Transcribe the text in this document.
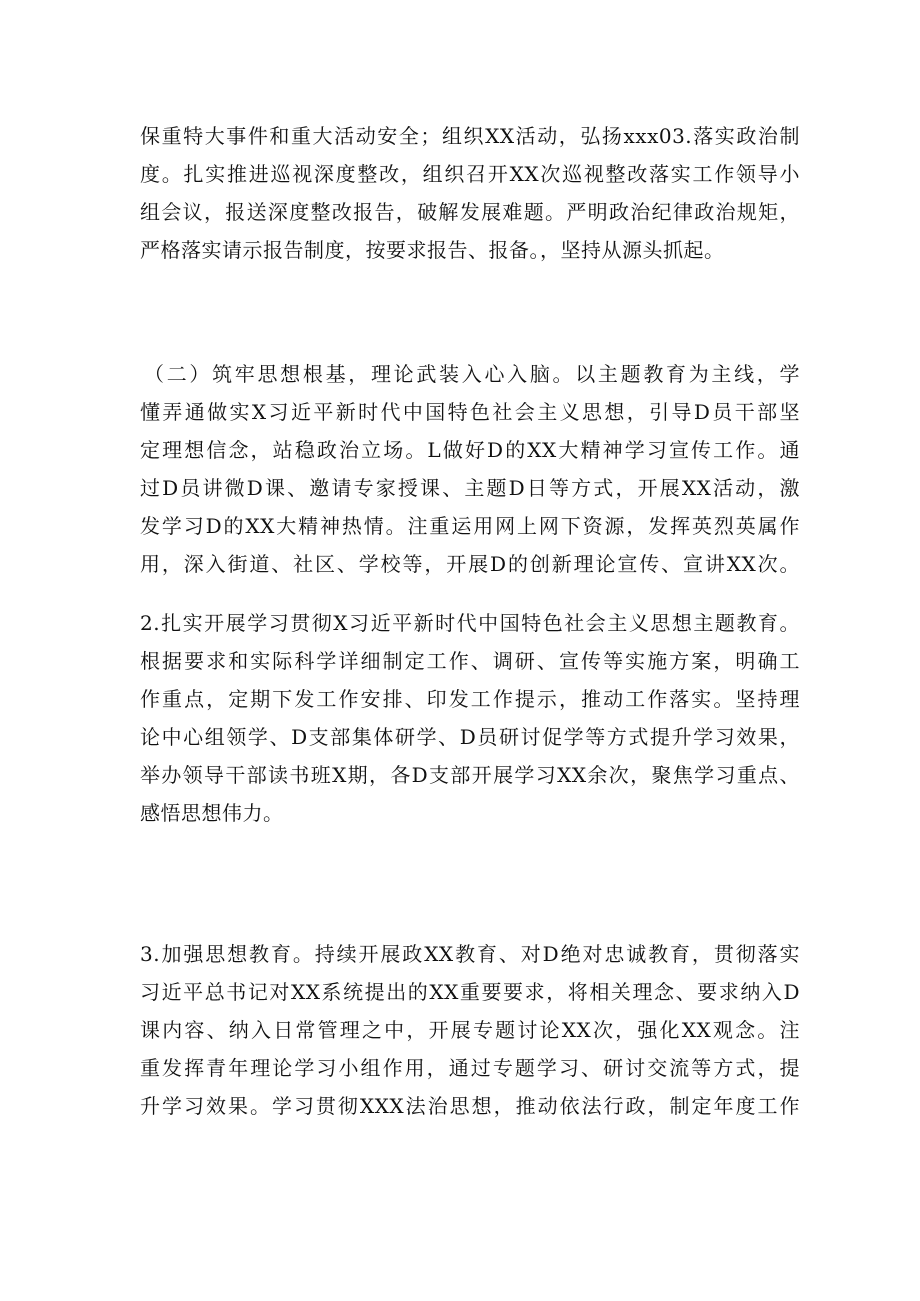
保重特大事件和重大活动安全；组织XX活动，弘扬xxx03.落实政治制
度。扎实推进巡视深度整改，组织召开XX次巡视整改落实工作领导小
组会议，报送深度整改报告，破解发展难题。严明政治纪律政治规矩，
严格落实请示报告制度，按要求报告、报备。，坚持从源头抓起。
（二）筑牢思想根基，理论武装入心入脑。以主题教育为主线，学
懂弄通做实X习近平新时代中国特色社会主义思想，引导D员干部坚
定理想信念，站稳政治立场。L做好D的XX大精神学习宣传工作。通
过D员讲微D课、邀请专家授课、主题D日等方式，开展XX活动，激
发学习D的XX大精神热情。注重运用网上网下资源，发挥英烈英属作
用，深入街道、社区、学校等，开展D的创新理论宣传、宣讲XX次。
2.扎实开展学习贯彻X习近平新时代中国特色社会主义思想主题教育。
根据要求和实际科学详细制定工作、调研、宣传等实施方案，明确工
作重点，定期下发工作安排、印发工作提示，推动工作落实。坚持理
论中心组领学、D支部集体研学、D员研讨促学等方式提升学习效果，
举办领导干部读书班X期，各D支部开展学习XX余次，聚焦学习重点、
感悟思想伟力。
3.加强思想教育。持续开展政XX教育、对D绝对忠诚教育，贯彻落实
习近平总书记对XX系统提出的XX重要要求，将相关理念、要求纳入D
课内容、纳入日常管理之中，开展专题讨论XX次，强化XX观念。注
重发挥青年理论学习小组作用，通过专题学习、研讨交流等方式，提
升学习效果。学习贯彻XXX法治思想，推动依法行政，制定年度工作
